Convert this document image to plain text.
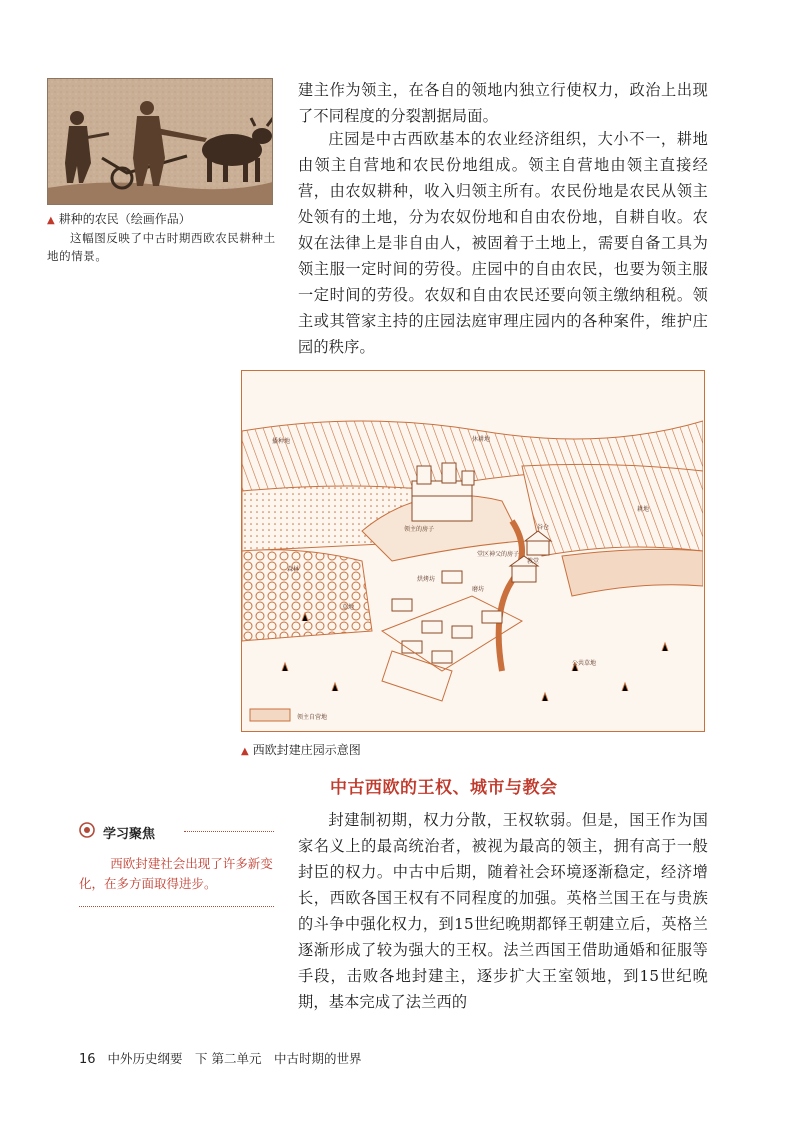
▲ 耕种的农民（绘画作品）
这幅图反映了中古时期西欧农民耕种土地的情景。
建主作为领主，在各自的领地内独立行使权力，政治上出现了不同程度的分裂割据局面。
庄园是中古西欧基本的农业经济组织，大小不一，耕地由领主自营地和农民份地组成。领主自营地由领主直接经营，由农奴耕种，收入归领主所有。农民份地是农民从领主处领有的土地，分为农奴份地和自由农份地，自耕自收。农奴在法律上是非自由人，被固着于土地上，需要自备工具为领主服一定时间的劳役。庄园中的自由农民，也要为领主服一定时间的劳役。农奴和自由农民还要向领主缴纳租税。领主或其管家主持的庄园法庭审理庄园内的各种案件，维护庄园的秩序。
休耕地
播种地
耕地
领主的房子	谷仓
教堂
堂区神父的房子
烘烤坊
磨坊
森林
草地
公共草地
领主自营地
▲ 西欧封建庄园示意图
中古西欧的王权、城市与教会
学习聚焦
西欧封建社会出现了许多新变化，在多方面取得进步。
封建制初期，权力分散，王权软弱。但是，国王作为国家名义上的最高统治者，被视为最高的领主，拥有高于一般封臣的权力。中古中后期，随着社会环境逐渐稳定，经济增长，西欧各国王权有不同程度的加强。英格兰国王在与贵族的斗争中强化权力，到15世纪晚期都铎王朝建立后，英格兰逐渐形成了较为强大的王权。法兰西国王借助通婚和征服等手段，击败各地封建主，逐步扩大王室领地，到15世纪晚期，基本完成了法兰西的
16 中外历史纲要　下 第二单元　中古时期的世界
